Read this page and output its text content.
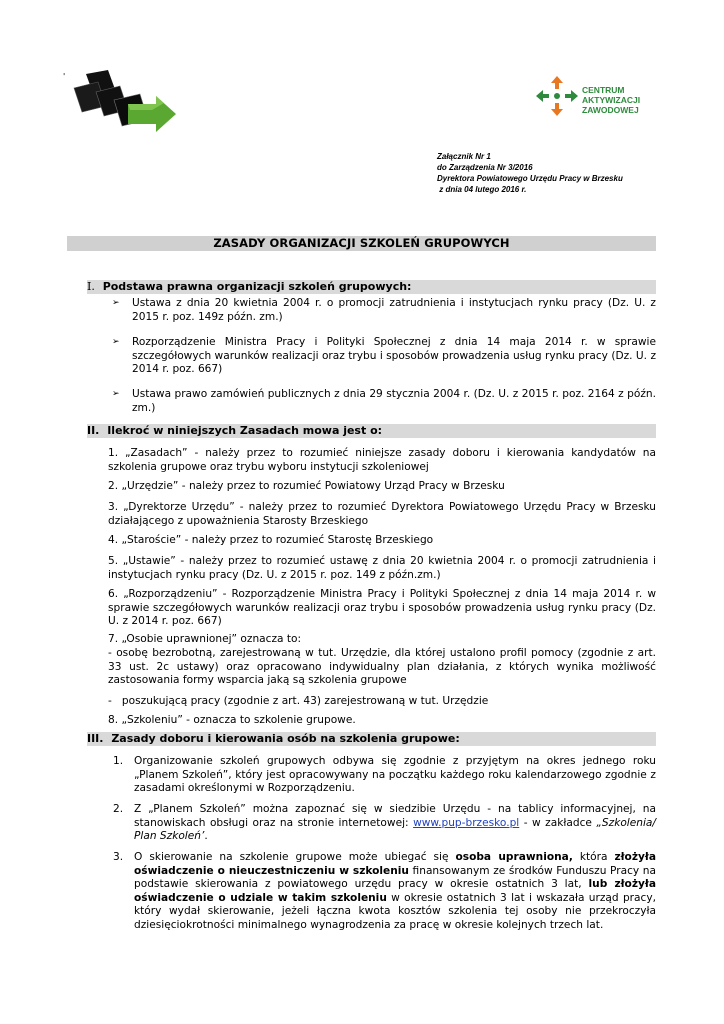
'
CENTRUM
AKTYWIZACJI
ZAWODOWEJ
Załącznik Nr 1
do Zarządzenia Nr 3/2016
Dyrektora Powiatowego Urzędu Pracy w Brzesku
z dnia 04 lutego 2016 r.
ZASADY ORGANIZACJI SZKOLEŃ GRUPOWYCH
I. Podstawa prawna organizacji szkoleń grupowych:
➢ Ustawa z dnia 20 kwietnia 2004 r. o promocji zatrudnienia i instytucjach rynku pracy (Dz. U. z 2015 r. poz. 149z późn. zm.)
➢ Rozporządzenie Ministra Pracy i Polityki Społecznej z dnia 14 maja 2014 r. w sprawie szczegółowych warunków realizacji oraz trybu i sposobów prowadzenia usług rynku pracy (Dz. U. z 2014 r. poz. 667)
➢ Ustawa prawo zamówień publicznych z dnia 29 stycznia 2004 r. (Dz. U. z 2015 r. poz. 2164 z późn. zm.)
II. Ilekroć w niniejszych Zasadach mowa jest o:
1. „Zasadach” - należy przez to rozumieć niniejsze zasady doboru i kierowania kandydatów na szkolenia grupowe oraz trybu wyboru instytucji szkoleniowej
2. „Urzędzie” - należy przez to rozumieć Powiatowy Urząd Pracy w Brzesku
3. „Dyrektorze Urzędu” - należy przez to rozumieć Dyrektora Powiatowego Urzędu Pracy w Brzesku działającego z upoważnienia Starosty Brzeskiego
4. „Staroście” - należy przez to rozumieć Starostę Brzeskiego
5. „Ustawie” - należy przez to rozumieć ustawę z dnia 20 kwietnia 2004 r. o promocji zatrudnienia i instytucjach rynku pracy (Dz. U. z 2015 r. poz. 149 z późn.zm.)
6. „Rozporządzeniu” - Rozporządzenie Ministra Pracy i Polityki Społecznej z dnia 14 maja 2014 r. w sprawie szczegółowych warunków realizacji oraz trybu i sposobów prowadzenia usług rynku pracy (Dz. U. z 2014 r. poz. 667)
7. „Osobie uprawnionej” oznacza to:
- osobę bezrobotną, zarejestrowaną w tut. Urzędzie, dla której ustalono profil pomocy (zgodnie z art. 33 ust. 2c ustawy) oraz opracowano indywidualny plan działania, z których wynika możliwość zastosowania formy wsparcia jaką są szkolenia grupowe
-   poszukującą pracy (zgodnie z art. 43) zarejestrowaną w tut. Urzędzie
8. „Szkoleniu” - oznacza to szkolenie grupowe.
III. Zasady doboru i kierowania osób na szkolenia grupowe:
1. Organizowanie szkoleń grupowych odbywa się zgodnie z przyjętym na okres jednego roku „Planem Szkoleń”, który jest opracowywany na początku każdego roku kalendarzowego zgodnie z zasadami określonymi w Rozporządzeniu.
2. Z „Planem Szkoleń” można zapoznać się w siedzibie Urzędu - na tablicy informacyjnej, na stanowiskach obsługi oraz na stronie internetowej: www.pup-brzesko.pl - w zakładce „Szkolenia/ Plan Szkoleń’.
3. O skierowanie na szkolenie grupowe może ubiegać się osoba uprawniona, która złożyła oświadczenie o nieuczestniczeniu w szkoleniu finansowanym ze środków Funduszu Pracy na podstawie skierowania z powiatowego urzędu pracy w okresie ostatnich 3 lat, lub złożyła oświadczenie o udziale w takim szkoleniu w okresie ostatnich 3 lat i wskazała urząd pracy, który wydał skierowanie, jeżeli łączna kwota kosztów szkolenia tej osoby nie przekroczyła dziesięciokrotności minimalnego wynagrodzenia za pracę w okresie kolejnych trzech lat.
